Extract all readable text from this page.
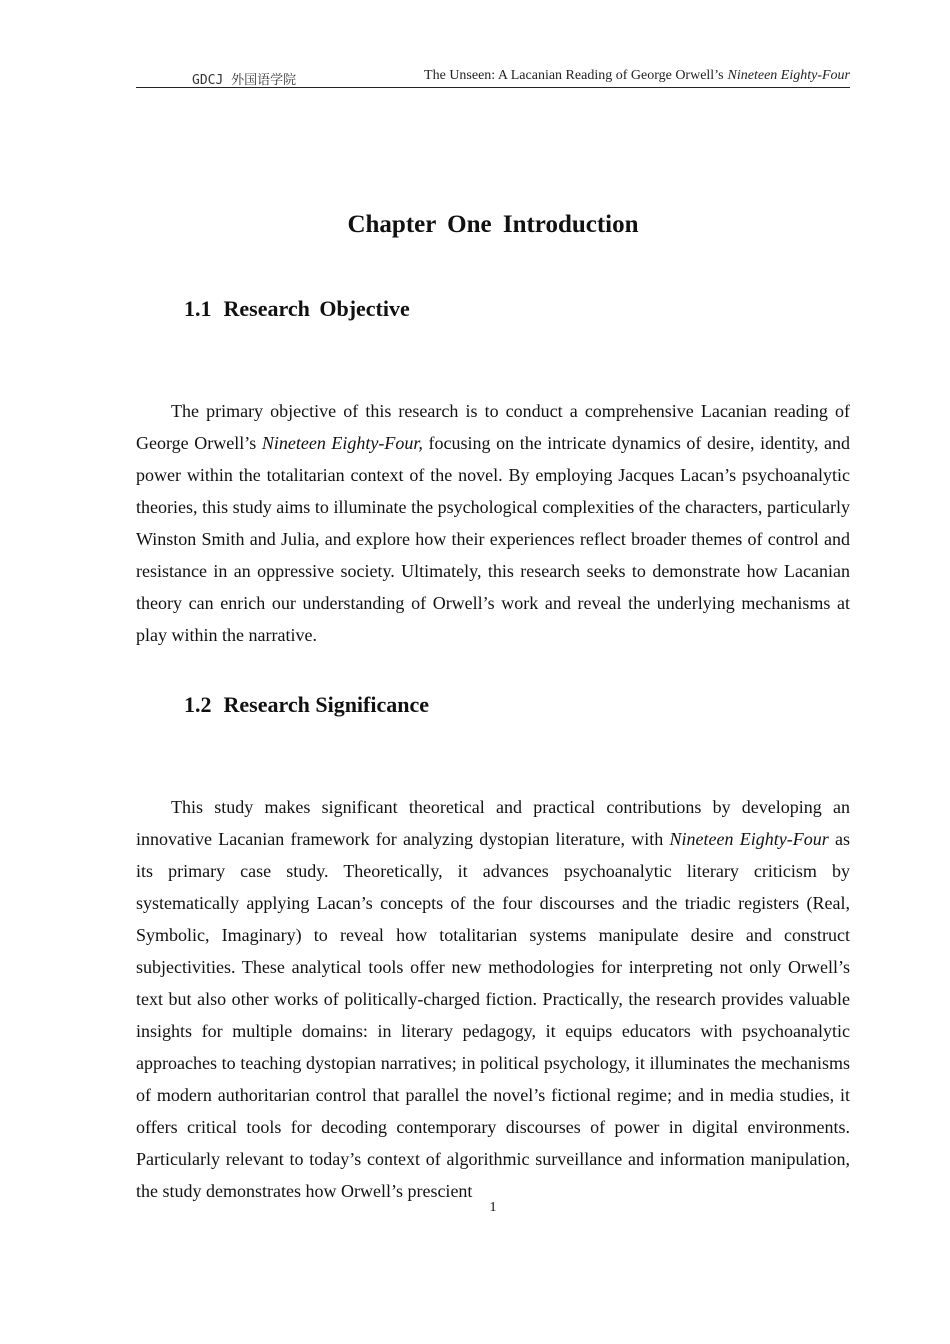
GDCJ 外国语学院	The Unseen: A Lacanian Reading of George Orwell’s Nineteen Eighty-Four
Chapter One Introduction
1.1 Research Objective

The primary objective of this research is to conduct a comprehensive Lacanian reading of George Orwell’s Nineteen Eighty-Four, focusing on the intricate dynamics of desire, identity, and power within the totalitarian context of the novel. By employing Jacques Lacan’s psychoanalytic theories, this study aims to illuminate the psychological complexities of the characters, particularly Winston Smith and Julia, and explore how their experiences reflect broader themes of control and resistance in an oppressive society. Ultimately, this research seeks to demonstrate how Lacanian theory can enrich our understanding of Orwell’s work and reveal the underlying mechanisms at play within the narrative.

1.2 Research Significance

This study makes significant theoretical and practical contributions by developing an innovative Lacanian framework for analyzing dystopian literature, with Nineteen Eighty-Four as its primary case study. Theoretically, it advances psychoanalytic literary criticism by systematically applying Lacan’s concepts of the four discourses and the triadic registers (Real, Symbolic, Imaginary) to reveal how totalitarian systems manipulate desire and construct subjectivities. These analytical tools offer new methodologies for interpreting not only Orwell’s text but also other works of politically-charged fiction. Practically, the research provides valuable insights for multiple domains: in literary pedagogy, it equips educators with psychoanalytic approaches to teaching dystopian narratives; in political psychology, it illuminates the mechanisms of modern authoritarian control that parallel the novel’s fictional regime; and in media studies, it offers critical tools for decoding contemporary discourses of power in digital environments. Particularly relevant to today’s context of algorithmic surveillance and information manipulation, the study demonstrates how Orwell’s prescient

1
